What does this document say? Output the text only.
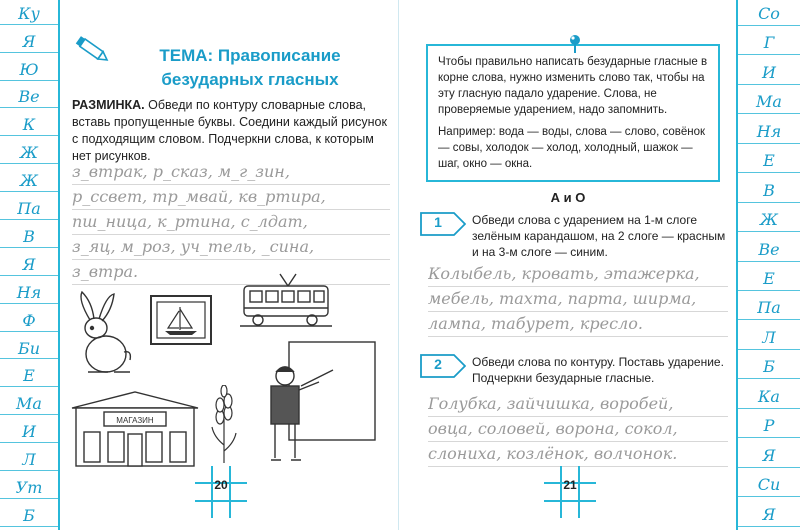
Ку
Я
Ю
Ве
К
Ж
Ж
Па
В
Я
Ня
Ф
Би
Е
Ма
И
Л
Ут
Б
ТЕМА: Правописание
безударных гласных
РАЗМИНКА. Обведи по контуру словарные слова, вставь пропущенные буквы. Соедини каждый рисунок с подходящим словом. Подчеркни слова, к которым нет рисунков.
з_втрак, р_сказ, м_г_зин,
р_ссвет, тр_мвай, кв_ртира,
пш_ница, к_ртина, с_лдат,
з_яц, м_роз, уч_тель, _сина,
з_втра.
МАГАЗИН
20

Чтобы правильно написать безударные гласные в корне слова, нужно изменить слово так, чтобы на эту гласную падало ударение. Слова, не проверяемые ударением, надо запомнить.

Например: вода — воды, слова — слово, совёнок — совы, холодок — холод, холодный, шажок — шаг, окно — окна.

А и О
1	Обведи слова с ударением на 1-м слоге зелёным карандашом, на 2 слоге — красным и на 3-м слоге — синим.
Колыбель, кровать, этажерка,
мебель, тахта, парта, ширма,
лампа, табурет, кресло.
2	Обведи слова по контуру. Поставь ударение. Подчеркни безударные гласные.
Голубка, зайчишка, воробей,
овца, соловей, ворона, сокол,
слониха, козлёнок, волчонок.
21
Со
Г
И
Ма
Ня
Е
В
Ж
Ве
Е
Па
Л
Б
Ка
Р
Я
Си
Я
